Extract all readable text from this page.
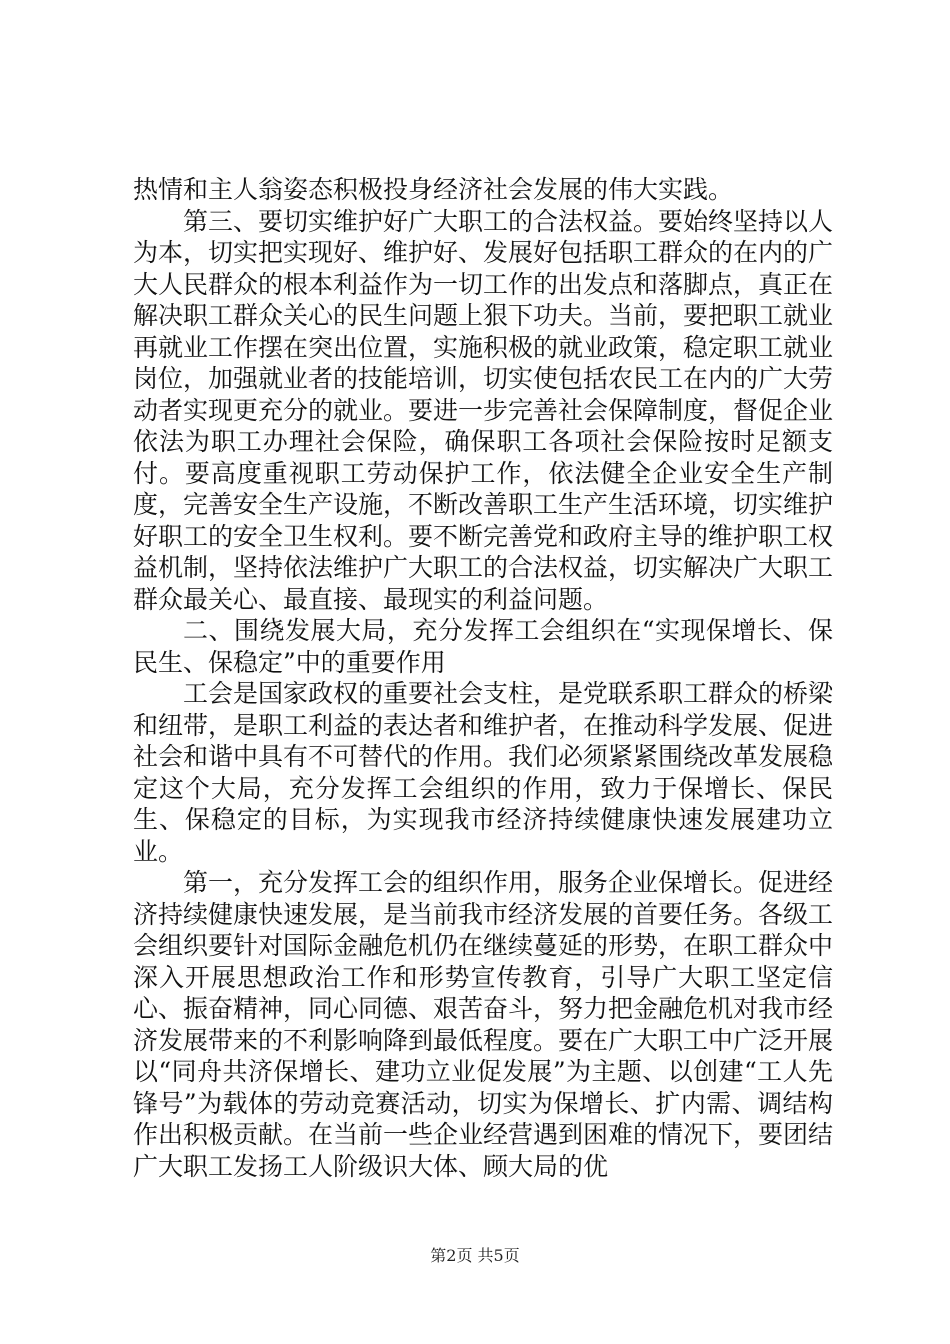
热情和主人翁姿态积极投身经济社会发展的伟大实践。

第三、要切实维护好广大职工的合法权益。要始终坚持以人为本，切实把实现好、维护好、发展好包括职工群众的在内的广大人民群众的根本利益作为一切工作的出发点和落脚点，真正在解决职工群众关心的民生问题上狠下功夫。当前，要把职工就业再就业工作摆在突出位置，实施积极的就业政策，稳定职工就业岗位，加强就业者的技能培训，切实使包括农民工在内的广大劳动者实现更充分的就业。要进一步完善社会保障制度，督促企业依法为职工办理社会保险，确保职工各项社会保险按时足额支付。要高度重视职工劳动保护工作，依法健全企业安全生产制度，完善安全生产设施，不断改善职工生产生活环境，切实维护好职工的安全卫生权利。要不断完善党和政府主导的维护职工权益机制，坚持依法维护广大职工的合法权益，切实解决广大职工群众最关心、最直接、最现实的利益问题。

二、围绕发展大局，充分发挥工会组织在“实现保增长、保民生、保稳定”中的重要作用

工会是国家政权的重要社会支柱，是党联系职工群众的桥梁和纽带，是职工利益的表达者和维护者，在推动科学发展、促进社会和谐中具有不可替代的作用。我们必须紧紧围绕改革发展稳定这个大局，充分发挥工会组织的作用，致力于保增长、保民生、保稳定的目标，为实现我市经济持续健康快速发展建功立业。

第一，充分发挥工会的组织作用，服务企业保增长。促进经济持续健康快速发展，是当前我市经济发展的首要任务。各级工会组织要针对国际金融危机仍在继续蔓延的形势，在职工群众中深入开展思想政治工作和形势宣传教育，引导广大职工坚定信心、振奋精神，同心同德、艰苦奋斗，努力把金融危机对我市经济发展带来的不利影响降到最低程度。要在广大职工中广泛开展以“同舟共济保增长、建功立业促发展”为主题、以创建“工人先锋号”为载体的劳动竞赛活动，切实为保增长、扩内需、调结构作出积极贡献。在当前一些企业经营遇到困难的情况下，要团结广大职工发扬工人阶级识大体、顾大局的优

第2页 共5页
